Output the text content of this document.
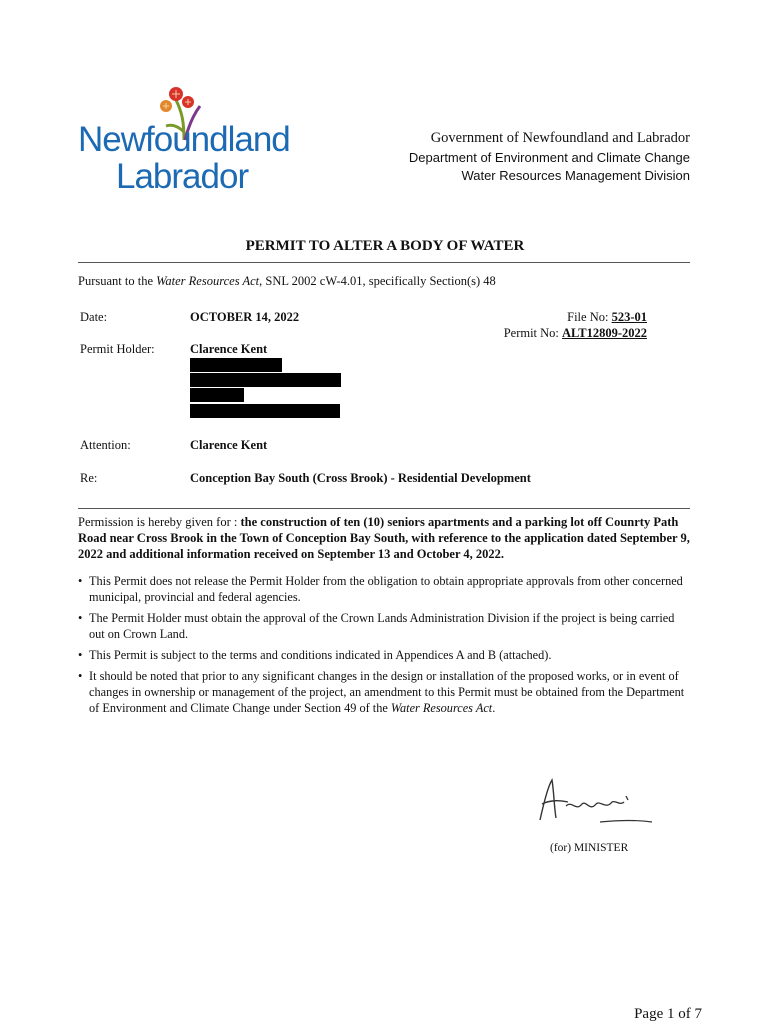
Newfoundland
Labrador
Government of Newfoundland and Labrador
Department of Environment and Climate Change
Water Resources Management Division
PERMIT TO ALTER A BODY OF WATER
Pursuant to the Water Resources Act, SNL 2002 cW-4.01, specifically Section(s) 48
Date:	OCTOBER 14, 2022	File No: 523-01
Permit No: ALT12809-2022
Permit Holder:	Clarence Kent
Attention:	Clarence Kent
Re:	Conception Bay South (Cross Brook) - Residential Development
Permission is hereby given for : the construction of ten (10) seniors apartments and a parking lot off Counrty Path Road near Cross Brook in the Town of Conception Bay South, with reference to the application dated September 9, 2022 and additional information received on September 13 and October 4, 2022.
• This Permit does not release the Permit Holder from the obligation to obtain appropriate approvals from other concerned municipal, provincial and federal agencies.
• The Permit Holder must obtain the approval of the Crown Lands Administration Division if the project is being carried out on Crown Land.
• This Permit is subject to the terms and conditions indicated in Appendices A and B (attached).
• It should be noted that prior to any significant changes in the design or installation of the proposed works, or in event of changes in ownership or management of the project, an amendment to this Permit must be obtained from the Department of Environment and Climate Change under Section 49 of the Water Resources Act.
(for) MINISTER
Page 1 of 7
